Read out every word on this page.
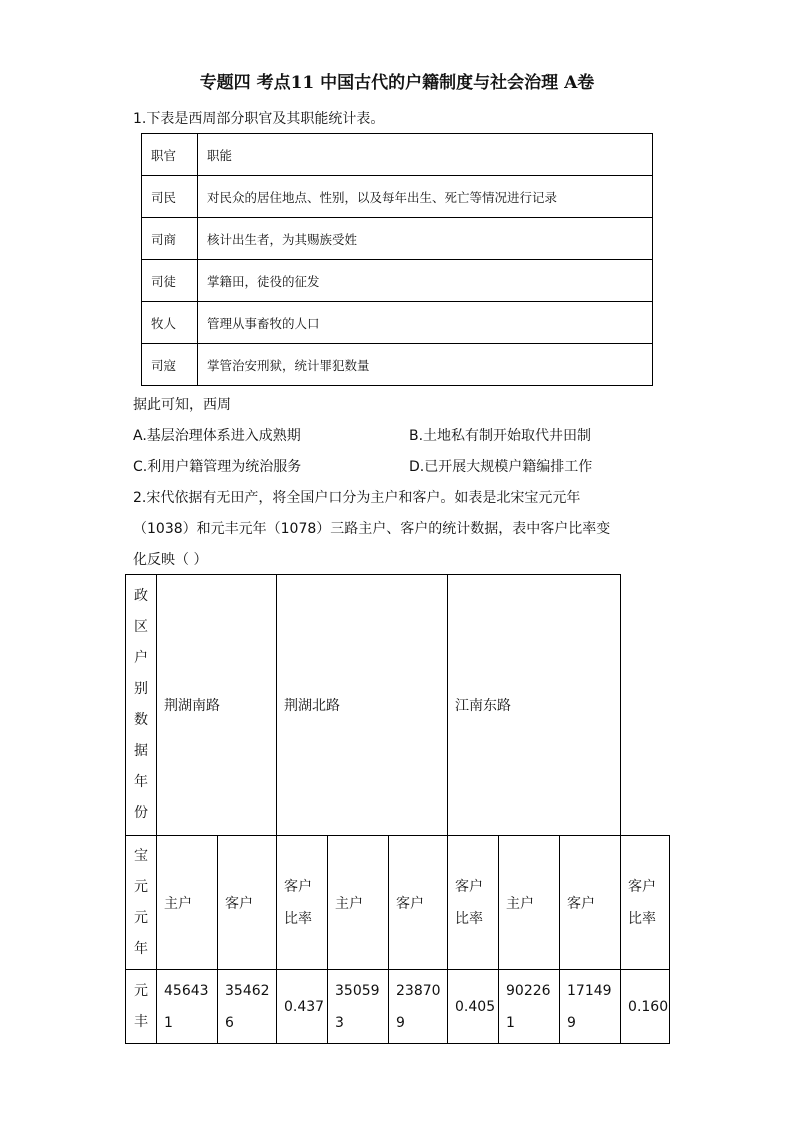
专题四 考点11 中国古代的户籍制度与社会治理 A卷
1.下表是西周部分职官及其职能统计表。
职官	职能
司民	对民众的居住地点、性别，以及每年出生、死亡等情况进行记录
司商	核计出生者，为其赐族受姓
司徒	掌籍田，徒役的征发
牧人	管理从事畜牧的人口
司寇	掌管治安刑狱，统计罪犯数量
据此可知，西周
A.基层治理体系进入成熟期	B.土地私有制开始取代井田制
C.利用户籍管理为统治服务	D.已开展大规模户籍编排工作
2.宋代依据有无田产，将全国户口分为主户和客户。如表是北宋宝元元年
（1038）和元丰元年（1078）三路主户、客户的统计数据，表中客户比率变
化反映（ ）
政区户别数据年份	荆湖南路		荆湖北路			江南东路			

宝元元年	主户	客户	客户比率	主户	客户	客户比率	主户	客户	客户比率

元丰	456431	354626	0.437	350593	238709	0.405	902261	171499	0.160
